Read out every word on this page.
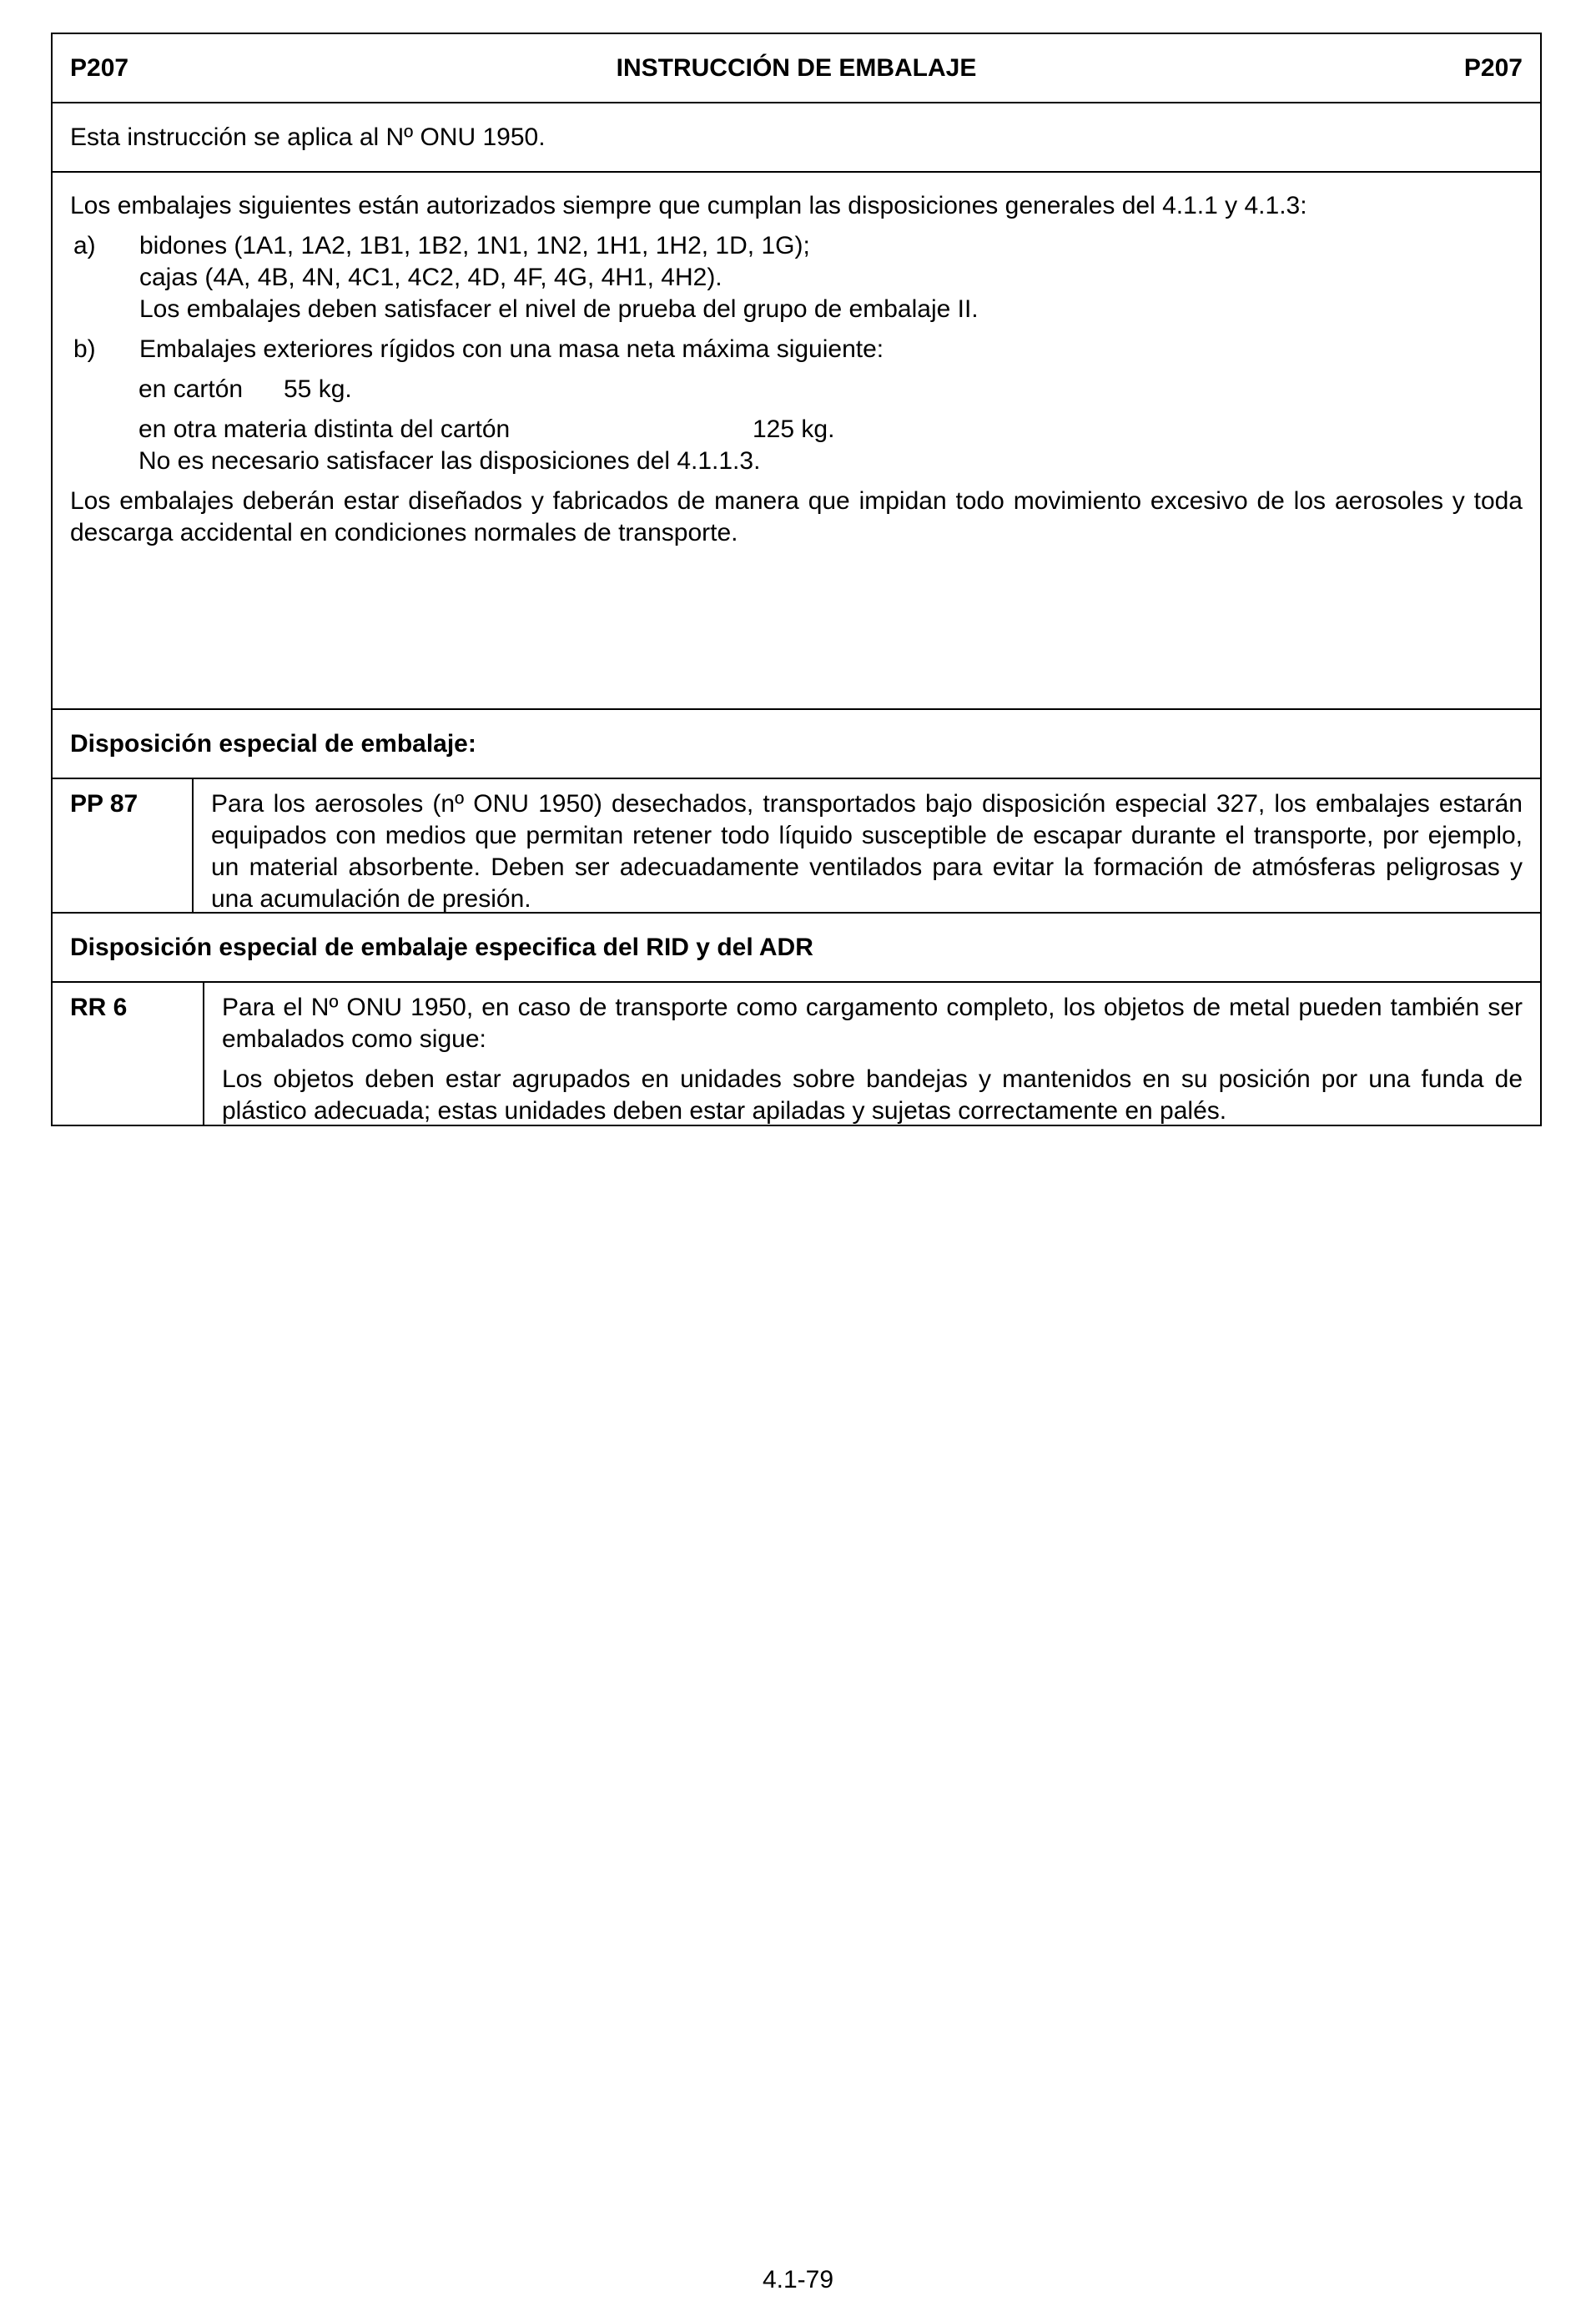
P207	INSTRUCCIÓN DE EMBALAJE	P207
Esta instrucción se aplica al Nº ONU 1950.
Los embalajes siguientes están autorizados siempre que cumplan las disposiciones generales del 4.1.1 y 4.1.3:
a)	bidones (1A1, 1A2, 1B1, 1B2, 1N1, 1N2, 1H1, 1H2, 1D, 1G);
cajas (4A, 4B, 4N, 4C1, 4C2, 4D, 4F, 4G, 4H1, 4H2).
Los embalajes deben satisfacer el nivel de prueba del grupo de embalaje II.
b)	Embalajes exteriores rígidos con una masa neta máxima siguiente:
en cartón	55 kg.
en otra materia distinta del cartón	125 kg.
No es necesario satisfacer las disposiciones del 4.1.1.3.
Los embalajes deberán estar diseñados y fabricados de manera que impidan todo movimiento excesivo de los aerosoles y toda descarga accidental en condiciones normales de transporte.
Disposición especial de embalaje:
PP 87	Para los aerosoles (nº ONU 1950) desechados, transportados bajo disposición especial 327, los embalajes estarán equipados con medios que permitan retener todo líquido susceptible de escapar durante el transporte, por ejemplo, un material absorbente. Deben ser adecuadamente ventilados para evitar la formación de atmósferas peligrosas y una acumulación de presión.
Disposición especial de embalaje especifica del RID y del ADR
RR 6	Para el Nº ONU 1950, en caso de transporte como cargamento completo, los objetos de metal pueden también ser embalados como sigue:

Los objetos deben estar agrupados en unidades sobre bandejas y mantenidos en su posición por una funda de plástico adecuada; estas unidades deben estar apiladas y sujetas correctamente en palés.

4.1-79
